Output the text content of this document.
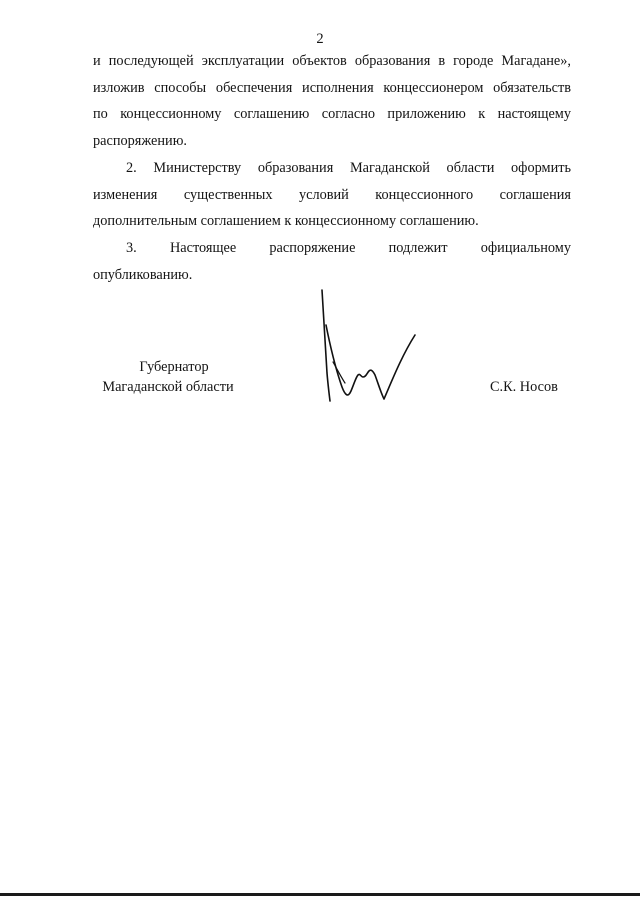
2
и последующей эксплуатации объектов образования в городе Магадане»,
изложив способы обеспечения исполнения концессионером обязательств
по концессионному соглашению согласно приложению к настоящему
распоряжению.
2. Министерству образования Магаданской области оформить
изменения существенных условий концессионного соглашения
дополнительным соглашением к концессионному соглашению.
3. Настоящее распоряжение подлежит официальному
опубликованию.
Губернатор
Магаданской области	С.К. Носов
